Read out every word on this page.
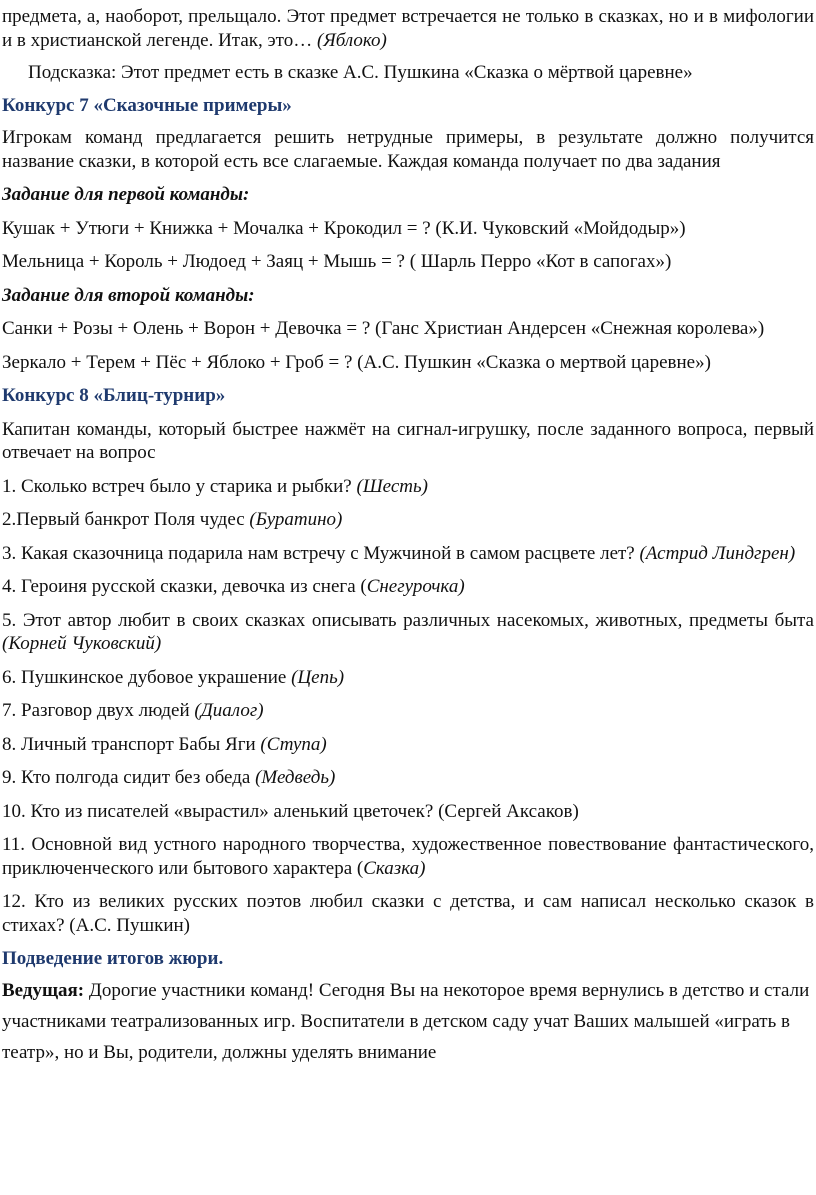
предмета, а, наоборот, прельщало. Этот предмет встречается не только в сказках, но и в мифологии и в христианской легенде. Итак, это… (Яблоко)

Подсказка: Этот предмет есть в сказке А.С. Пушкина «Сказка о мёртвой царевне»

Конкурс 7 «Сказочные примеры»

Игрокам команд предлагается решить нетрудные примеры, в результате должно получится название сказки, в которой есть все слагаемые. Каждая команда получает по два задания

Задание для первой команды:

Кушак + Утюги + Книжка + Мочалка + Крокодил = ? (К.И. Чуковский «Мойдодыр»)

Мельница + Король + Людоед + Заяц + Мышь = ? ( Шарль Перро «Кот в сапогах»)

Задание для второй команды:

Санки + Розы + Олень + Ворон + Девочка = ? (Ганс Христиан Андерсен «Снежная королева»)

Зеркало + Терем + Пёс + Яблоко + Гроб = ? (А.С. Пушкин «Сказка о мертвой царевне»)

Конкурс 8 «Блиц-турнир»

Капитан команды, который быстрее нажмёт на сигнал-игрушку, после заданного вопроса, первый отвечает на вопрос

1. Сколько встреч было у старика и рыбки? (Шесть)

2.Первый банкрот Поля чудес (Буратино)

3. Какая сказочница подарила нам встречу с Мужчиной в самом расцвете лет? (Астрид Линдгрен)

4. Героиня русской сказки, девочка из снега (Снегурочка)

5. Этот автор любит в своих сказках описывать различных насекомых, животных, предметы быта (Корней Чуковский)

6. Пушкинское дубовое украшение (Цепь)

7. Разговор двух людей (Диалог)

8. Личный транспорт Бабы Яги (Ступа)

9. Кто полгода сидит без обеда (Медведь)

10. Кто из писателей «вырастил» аленький цветочек? (Сергей Аксаков)

11. Основной вид устного народного творчества, художественное повествование фантастического, приключенческого или бытового характера (Сказка)

12. Кто из великих русских поэтов любил сказки с детства, и сам написал несколько сказок в стихах? (А.С. Пушкин)

Подведение итогов жюри.

Ведущая: Дорогие участники команд! Сегодня Вы на некоторое время вернулись в детство и стали участниками театрализованных игр. Воспитатели в детском саду учат Ваших малышей «играть в театр», но и Вы, родители, должны уделять внимание
